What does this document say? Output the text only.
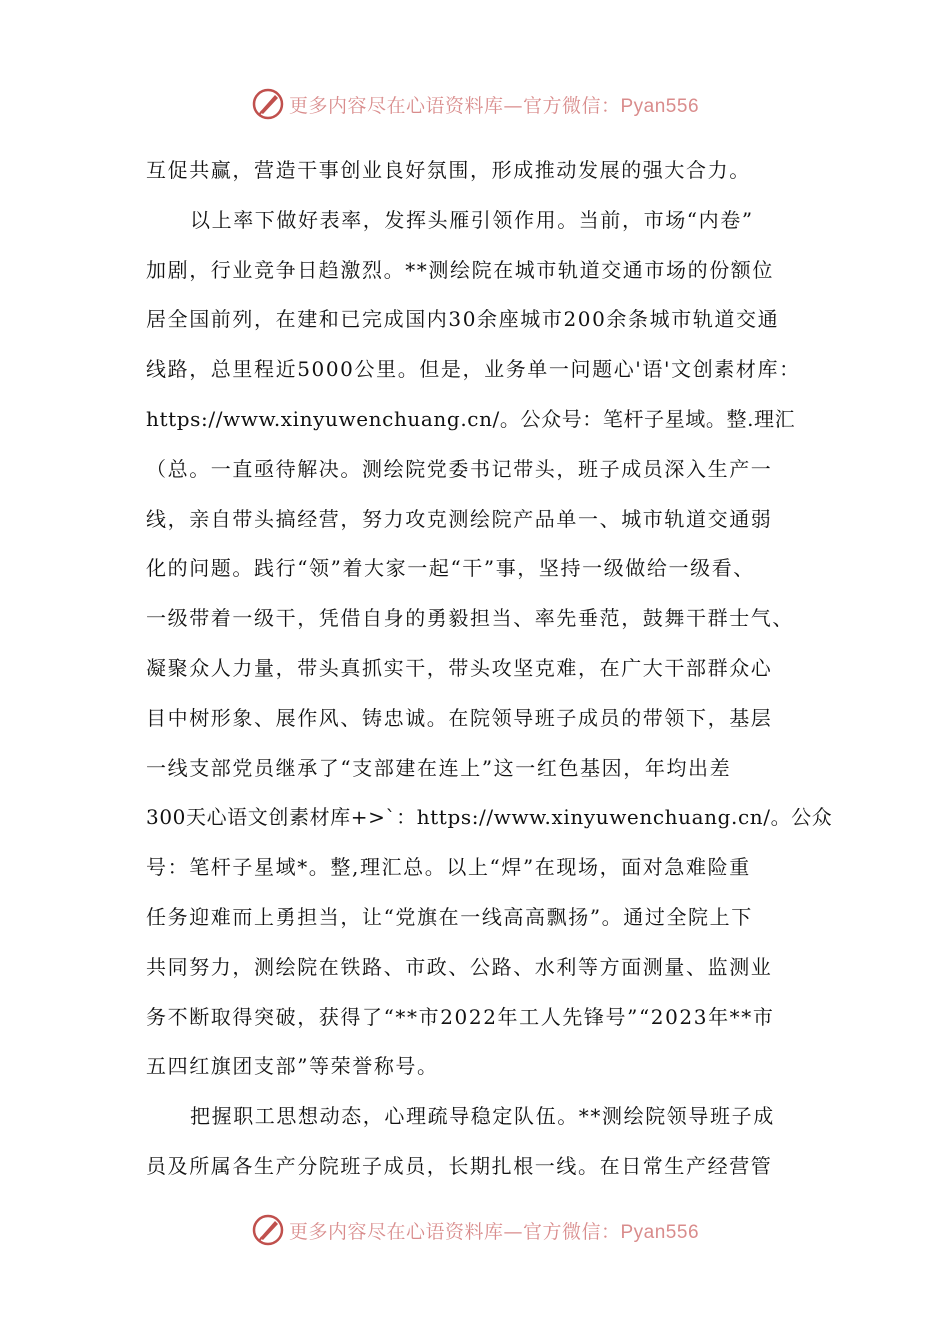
更多内容尽在心语资料库—官方微信：Pyan556
互促共赢，营造干事创业良好氛围，形成推动发展的强大合力。
以上率下做好表率，发挥头雁引领作用。当前，市场“内卷”
加剧，行业竞争日趋激烈。**测绘院在城市轨道交通市场的份额位
居全国前列，在建和已完成国内30余座城市200余条城市轨道交通
线路，总里程近5000公里。但是，业务单一问题心'语'文创素材库：
https://www.xinyuwenchuang.cn/。公众号：笔杆子星域。整.理汇
（总。一直亟待解决。测绘院党委书记带头，班子成员深入生产一
线，亲自带头搞经营，努力攻克测绘院产品单一、城市轨道交通弱
化的问题。践行“领”着大家一起“干”事，坚持一级做给一级看、
一级带着一级干，凭借自身的勇毅担当、率先垂范，鼓舞干群士气、
凝聚众人力量，带头真抓实干，带头攻坚克难，在广大干部群众心
目中树形象、展作风、铸忠诚。在院领导班子成员的带领下，基层
一线支部党员继承了“支部建在连上”这一红色基因，年均出差
300天心语文创素材库+>`：https://www.xinyuwenchuang.cn/。公众
号：笔杆子星域*。整,理汇总。以上“焊”在现场，面对急难险重
任务迎难而上勇担当，让“党旗在一线高高飘扬”。通过全院上下
共同努力，测绘院在铁路、市政、公路、水利等方面测量、监测业
务不断取得突破，获得了“**市2022年工人先锋号”“2023年**市
五四红旗团支部”等荣誉称号。
把握职工思想动态，心理疏导稳定队伍。**测绘院领导班子成
员及所属各生产分院班子成员，长期扎根一线。在日常生产经营管
更多内容尽在心语资料库—官方微信：Pyan556
